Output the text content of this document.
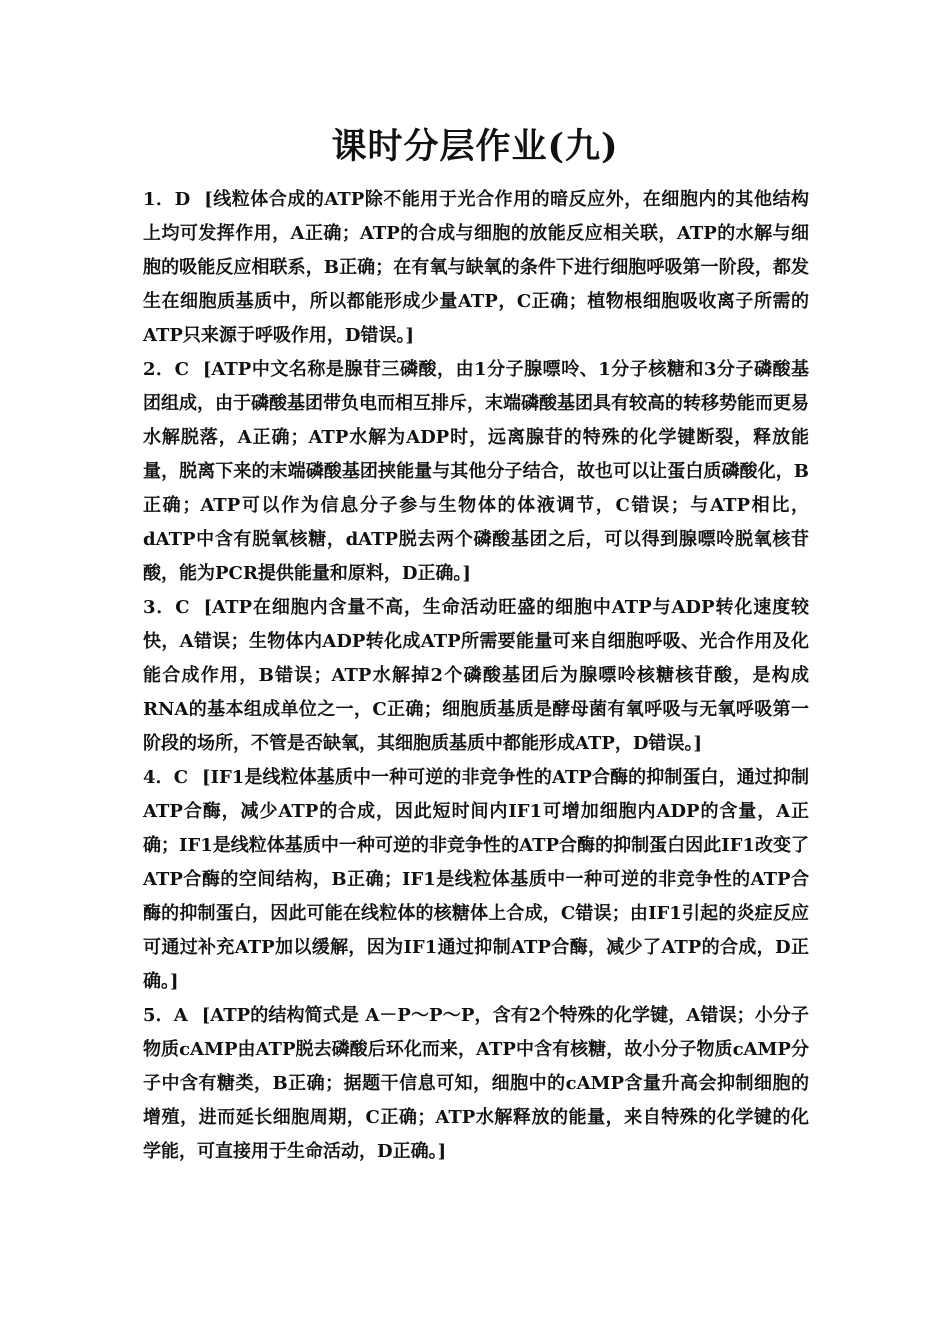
课时分层作业(九)

1．D [线粒体合成的ATP除不能用于光合作用的暗反应外，在细胞内的其他结构上均可发挥作用，A正确；ATP的合成与细胞的放能反应相关联，ATP的水解与细胞的吸能反应相联系，B正确；在有氧与缺氧的条件下进行细胞呼吸第一阶段，都发生在细胞质基质中，所以都能形成少量ATP，C正确；植物根细胞吸收离子所需的ATP只来源于呼吸作用，D错误。]

2．C [ATP中文名称是腺苷三磷酸，由1分子腺嘌呤、1分子核糖和3分子磷酸基团组成，由于磷酸基团带负电而相互排斥，末端磷酸基团具有较高的转移势能而更易水解脱落，A正确；ATP水解为ADP时，远离腺苷的特殊的化学键断裂，释放能量，脱离下来的末端磷酸基团挟能量与其他分子结合，故也可以让蛋白质磷酸化，B正确；ATP可以作为信息分子参与生物体的体液调节，C错误；与ATP相比，dATP中含有脱氧核糖，dATP脱去两个磷酸基团之后，可以得到腺嘌呤脱氧核苷酸，能为PCR提供能量和原料，D正确。]

3．C [ATP在细胞内含量不高，生命活动旺盛的细胞中ATP与ADP转化速度较快，A错误；生物体内ADP转化成ATP所需要能量可来自细胞呼吸、光合作用及化能合成作用，B错误；ATP水解掉2个磷酸基团后为腺嘌呤核糖核苷酸，是构成RNA的基本组成单位之一，C正确；细胞质基质是酵母菌有氧呼吸与无氧呼吸第一阶段的场所，不管是否缺氧，其细胞质基质中都能形成ATP，D错误。]

4．C [IF1是线粒体基质中一种可逆的非竞争性的ATP合酶的抑制蛋白，通过抑制ATP合酶，减少ATP的合成，因此短时间内IF1可增加细胞内ADP的含量，A正确；IF1是线粒体基质中一种可逆的非竞争性的ATP合酶的抑制蛋白因此IF1改变了ATP合酶的空间结构，B正确；IF1是线粒体基质中一种可逆的非竞争性的ATP合酶的抑制蛋白，因此可能在线粒体的核糖体上合成，C错误；由IF1引起的炎症反应可通过补充ATP加以缓解，因为IF1通过抑制ATP合酶，减少了ATP的合成，D正确。]

5．A [ATP的结构简式是 A－P～P～P，含有2个特殊的化学键，A错误；小分子物质cAMP由ATP脱去磷酸后环化而来，ATP中含有核糖，故小分子物质cAMP分子中含有糖类，B正确；据题干信息可知，细胞中的cAMP含量升高会抑制细胞的增殖，进而延长细胞周期，C正确；ATP水解释放的能量，来自特殊的化学键的化学能，可直接用于生命活动，D正确。]
